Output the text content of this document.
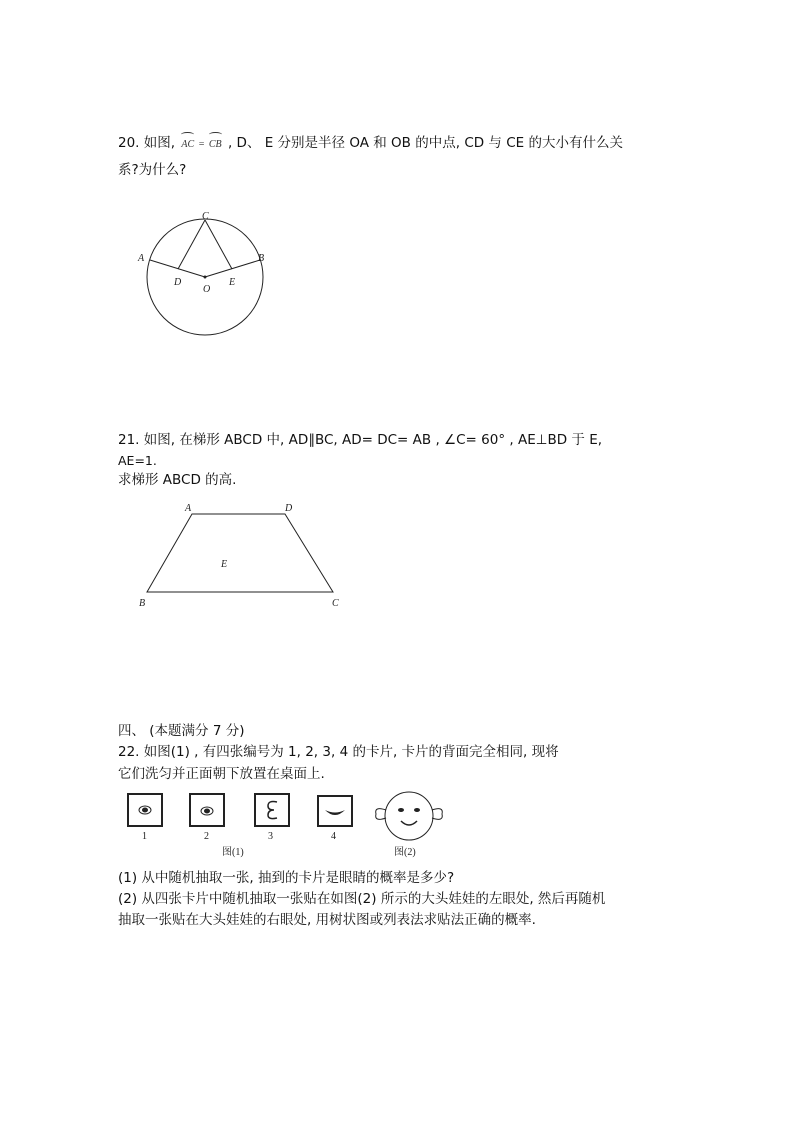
20. 如图, AC = CB , D、 E 分别是半径 OA 和 OB 的中点, CD 与 CE 的大小有什么关
系?为什么?
C
A	B
D
O
E
21. 如图, 在梯形 ABCD 中, AD∥BC, AD= DC= AB , ∠C= 60° , AE⊥BD 于 E,
AE=1.
求梯形 ABCD 的高.
A	D
E
B	C
四、 (本题满分 7 分)
22. 如图(1) , 有四张编号为 1, 2, 3, 4 的卡片, 卡片的背面完全相同, 现将
它们洗匀并正面朝下放置在桌面上.
1	2	3	4
图(1)	图(2)
(1) 从中随机抽取一张, 抽到的卡片是眼睛的概率是多少?
(2) 从四张卡片中随机抽取一张贴在如图(2) 所示的大头娃娃的左眼处, 然后再随机
抽取一张贴在大头娃娃的右眼处, 用树状图或列表法求贴法正确的概率.
